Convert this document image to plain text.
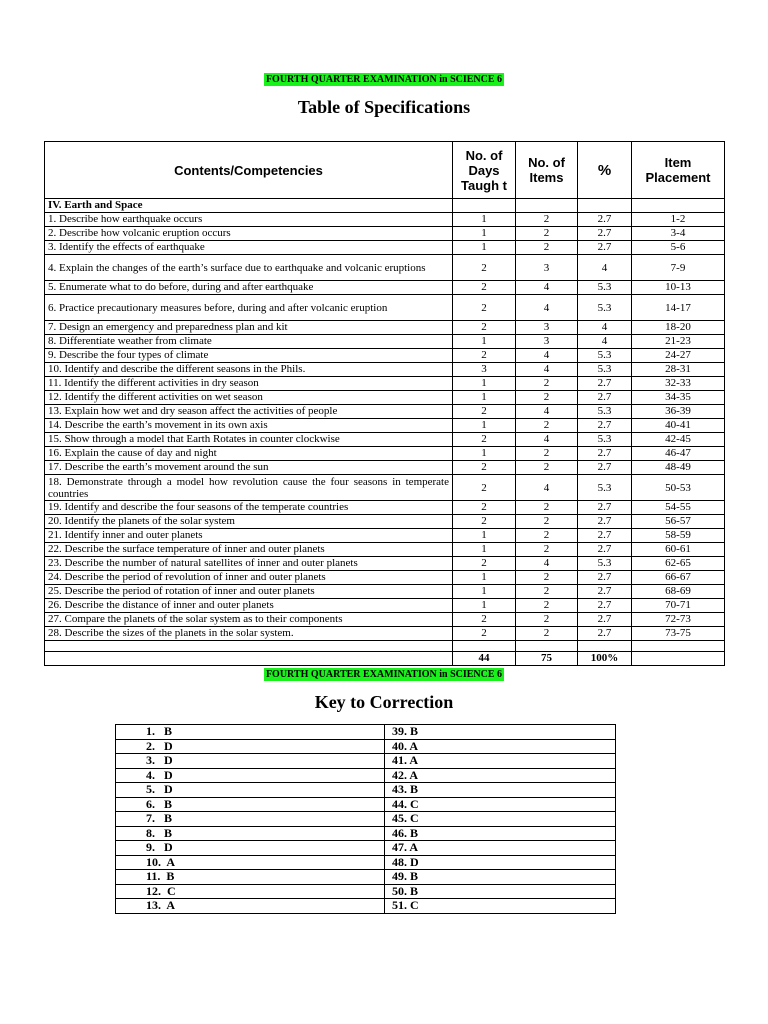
FOURTH QUARTER EXAMINATION in SCIENCE 6
Table of Specifications
Contents/Competencies	No. of Days Taugh t	No. of Items	%	Item Placement
IV. Earth and Space				
1. Describe how earthquake occurs	1	2	2.7	1-2
2. Describe how volcanic eruption occurs	1	2	2.7	3-4
3. Identify the effects of earthquake	1	2	2.7	5-6
4. Explain the changes of the earth’s surface due to earthquake and volcanic eruptions	2	3	4	7-9
5. Enumerate what to do before, during and after earthquake	2	4	5.3	10-13
6. Practice precautionary measures before, during and after volcanic eruption	2	4	5.3	14-17
7. Design an emergency and preparedness plan and kit	2	3	4	18-20
8. Differentiate weather from climate	1	3	4	21-23
9. Describe the four types of climate	2	4	5.3	24-27
10. Identify and describe the different seasons in the Phils.	3	4	5.3	28-31
11. Identify the different activities in dry season	1	2	2.7	32-33
12. Identify the different activities on wet season	1	2	2.7	34-35
13. Explain how wet and dry season affect the activities of people	2	4	5.3	36-39
14. Describe the earth’s movement in its own axis	1	2	2.7	40-41
15. Show through a model that Earth Rotates in counter clockwise	2	4	5.3	42-45
16. Explain the cause of day and night	1	2	2.7	46-47
17. Describe the earth’s movement around the sun	2	2	2.7	48-49
18. Demonstrate through a model how revolution cause the four seasons in temperate countries	2	4	5.3	50-53
19. Identify and describe the four seasons of the temperate countries	2	2	2.7	54-55
20. Identify the planets of the solar system	2	2	2.7	56-57
21. Identify inner and outer planets	1	2	2.7	58-59
22. Describe the surface temperature of inner and outer planets	1	2	2.7	60-61
23. Describe the number of natural satellites of inner and outer planets	2	4	5.3	62-65
24. Describe the period of revolution of inner and outer planets	1	2	2.7	66-67
25. Describe the period of rotation of inner and outer planets	1	2	2.7	68-69
26. Describe the distance of inner and outer planets	1	2	2.7	70-71
27. Compare the planets of the solar system as to their components	2	2	2.7	72-73
28. Describe the sizes of the planets in the solar system.	2	2	2.7	73-75

	44	75	100%	
FOURTH QUARTER EXAMINATION in SCIENCE 6
Key to Correction
1.   B	39. B
2.   D	40. A
3.   D	41. A
4.   D	42. A
5.   D	43. B
6.   B	44. C
7.   B	45. C
8.   B	46. B
9.   D	47. A
10.  A	48. D
11.  B	49. B
12.  C	50. B
13.  A	51. C
